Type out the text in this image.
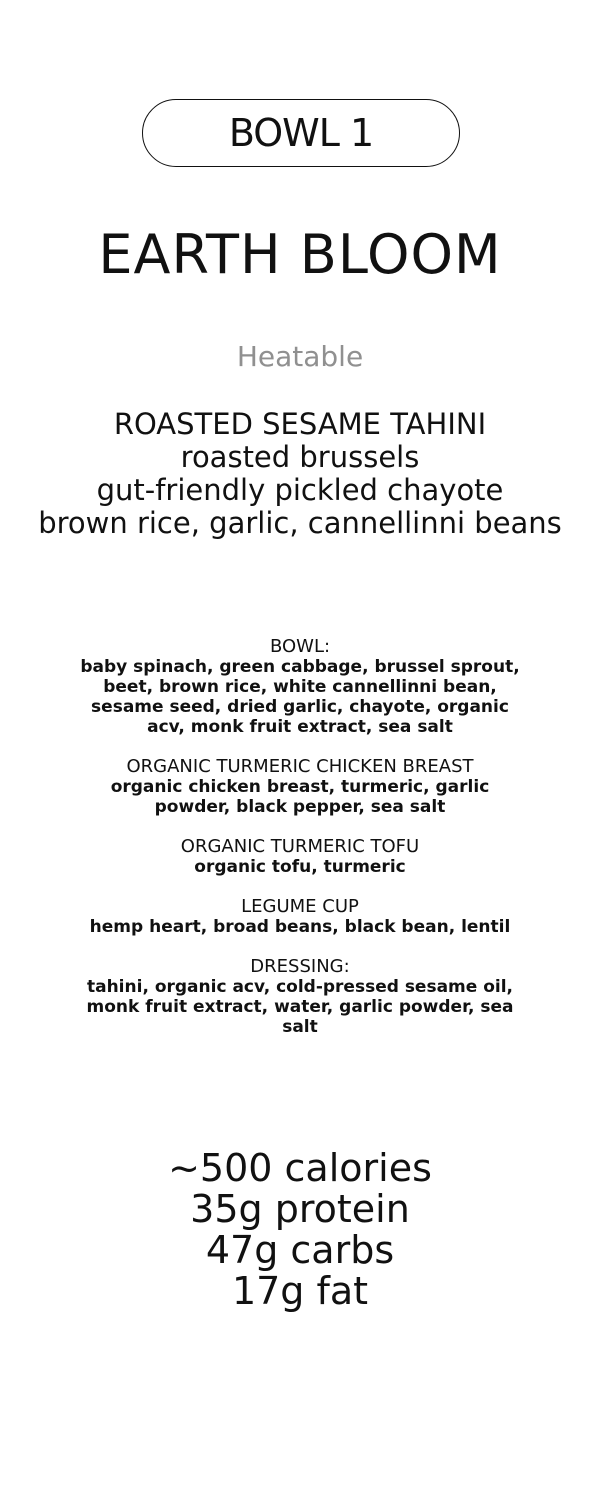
BOWL 1
EARTH BLOOM
Heatable
ROASTED SESAME TAHINI
roasted brussels
gut-friendly pickled chayote
brown rice, garlic, cannellinni beans
BOWL:
baby spinach, green cabbage, brussel sprout, beet, brown rice, white cannellinni bean, sesame seed, dried garlic, chayote, organic acv, monk fruit extract, sea salt
ORGANIC TURMERIC CHICKEN BREAST
organic chicken breast, turmeric, garlic powder, black pepper, sea salt
ORGANIC TURMERIC TOFU
organic tofu, turmeric
LEGUME CUP
hemp heart, broad beans, black bean, lentil
DRESSING:
tahini, organic acv, cold-pressed sesame oil, monk fruit extract, water, garlic powder, sea salt
~500 calories
35g protein
47g carbs
17g fat
